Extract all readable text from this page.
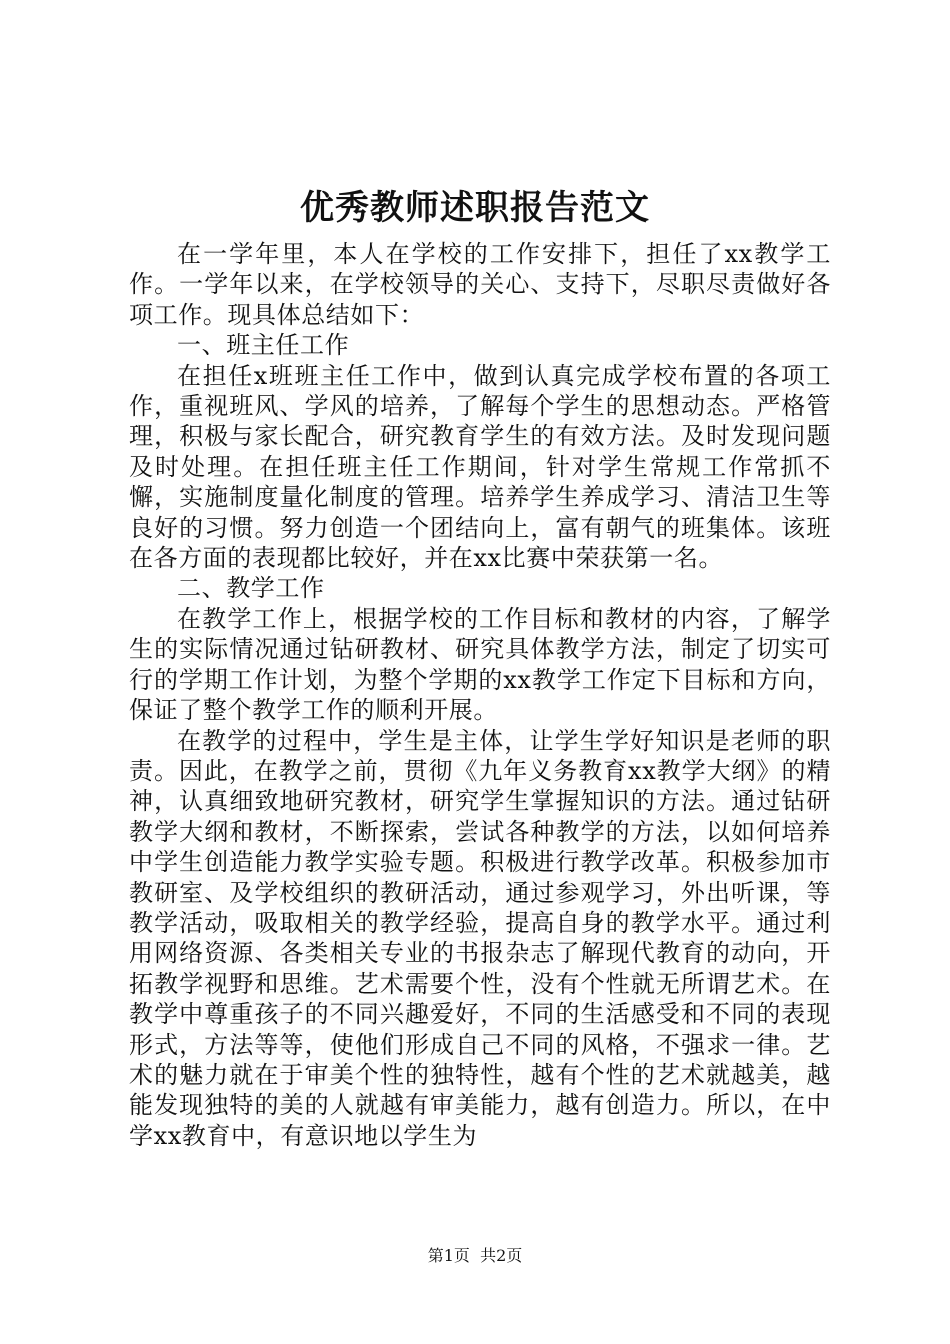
优秀教师述职报告范文

在一学年里，本人在学校的工作安排下，担任了xx教学工作。一学年以来，在学校领导的关心、支持下，尽职尽责做好各项工作。现具体总结如下：

一、班主任工作

在担任x班班主任工作中，做到认真完成学校布置的各项工作，重视班风、学风的培养，了解每个学生的思想动态。严格管理，积极与家长配合，研究教育学生的有效方法。及时发现问题及时处理。在担任班主任工作期间，针对学生常规工作常抓不懈，实施制度量化制度的管理。培养学生养成学习、清洁卫生等良好的习惯。努力创造一个团结向上，富有朝气的班集体。该班在各方面的表现都比较好，并在xx比赛中荣获第一名。

二、教学工作

在教学工作上，根据学校的工作目标和教材的内容，了解学生的实际情况通过钻研教材、研究具体教学方法，制定了切实可行的学期工作计划，为整个学期的xx教学工作定下目标和方向，保证了整个教学工作的顺利开展。

在教学的过程中，学生是主体，让学生学好知识是老师的职责。因此，在教学之前，贯彻《九年义务教育xx教学大纲》的精神，认真细致地研究教材，研究学生掌握知识的方法。通过钻研教学大纲和教材，不断探索，尝试各种教学的方法，以如何培养中学生创造能力教学实验专题。积极进行教学改革。积极参加市教研室、及学校组织的教研活动，通过参观学习，外出听课，等教学活动，吸取相关的教学经验，提高自身的教学水平。通过利用网络资源、各类相关专业的书报杂志了解现代教育的动向，开拓教学视野和思维。艺术需要个性，没有个性就无所谓艺术。在教学中尊重孩子的不同兴趣爱好，不同的生活感受和不同的表现形式，方法等等，使他们形成自己不同的风格，不强求一律。艺术的魅力就在于审美个性的独特性，越有个性的艺术就越美，越能发现独特的美的人就越有审美能力，越有创造力。所以，在中学xx教育中，有意识地以学生为

第1页 共2页
